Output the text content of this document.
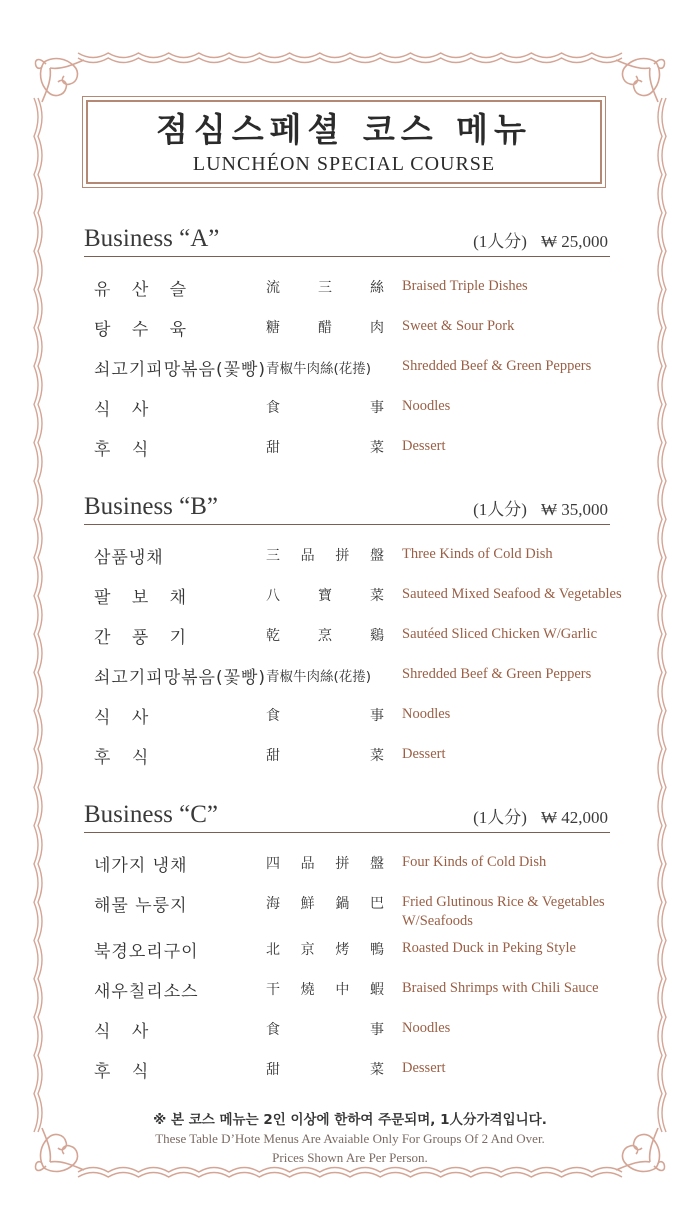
점심스페셜 코스 메뉴
LUNCHÉON SPECIAL COURSE
Business “A”	(1人分) ₩ 25,000
유 산 슬	流	三	絲 Braised Triple Dishes
탕 수 육	糖	醋	肉 Sweet & Sour Pork
쇠고기피망볶음(꽃빵) 青椒牛肉絲(花捲) Shredded Beef & Green Peppers
식 사	食	事 Noodles
후 식	甜	菜 Dessert
Business “B”	(1人分) ₩ 35,000
삼품냉채	三 品 拼 盤 Three Kinds of Cold Dish
팔 보 채	八	寶	菜 Sauteed Mixed Seafood & Vegetables
간 풍 기	乾	烹	鷄 Sautéed Sliced Chicken W/Garlic
쇠고기피망볶음(꽃빵) 青椒牛肉絲(花捲) Shredded Beef & Green Peppers
식 사	食	事 Noodles
후 식	甜	菜 Dessert
Business “C”	(1人分) ₩ 42,000
네가지 냉채	四 品 拼 盤 Four Kinds of Cold Dish
해물 누룽지	海 鮮 鍋 巴 Fried Glutinous Rice & Vegetables W/Seafoods
북경오리구이	北 京 烤 鴨 Roasted Duck in Peking Style
새우칠리소스	干 燒 中 蝦 Braised Shrimps with Chili Sauce
식 사	食	事 Noodles
후 식	甜	菜 Dessert
※ 본 코스 메뉴는 2인 이상에 한하여 주문되며, 1人分가격입니다.
These Table D’Hote Menus Are Avaiable Only For Groups Of 2 And Over.
Prices Shown Are Per Person.
